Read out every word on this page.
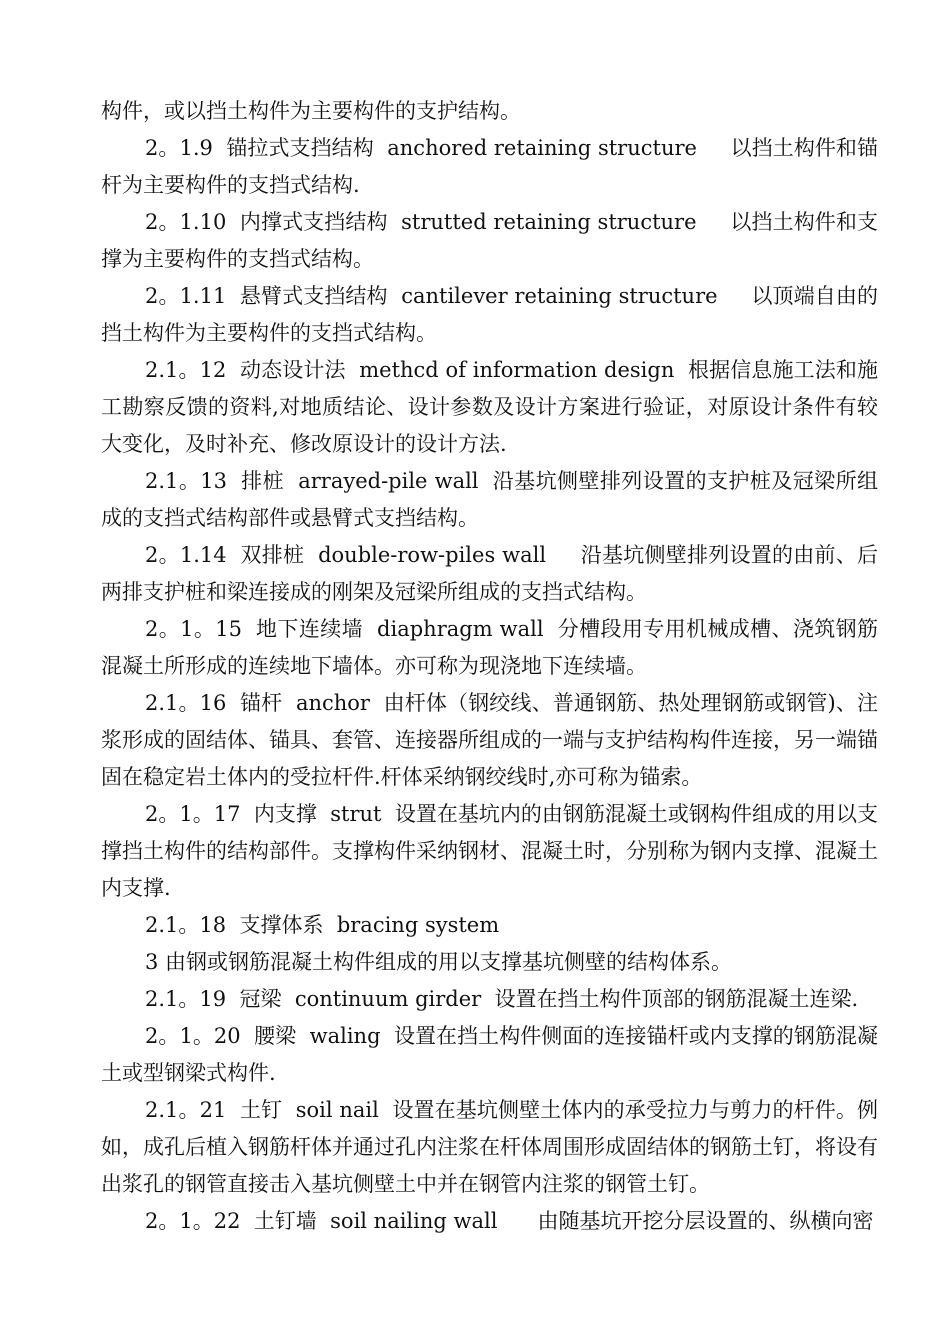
构件，或以挡土构件为主要构件的支护结构。

2。1.9  锚拉式支挡结构  anchored retaining structure     以挡土构件和锚杆为主要构件的支挡式结构.

2。1.10  内撑式支挡结构  strutted retaining structure     以挡土构件和支撑为主要构件的支挡式结构。

2。1.11  悬臂式支挡结构  cantilever retaining structure     以顶端自由的挡土构件为主要构件的支挡式结构。

2.1。12  动态设计法  methcd of information design  根据信息施工法和施工勘察反馈的资料,对地质结论、设计参数及设计方案进行验证，对原设计条件有较大变化，及时补充、修改原设计的设计方法.

2.1。13  排桩  arrayed-pile wall  沿基坑侧壁排列设置的支护桩及冠梁所组成的支挡式结构部件或悬臂式支挡结构。

2。1.14  双排桩  double-row-piles wall     沿基坑侧壁排列设置的由前、后两排支护桩和梁连接成的刚架及冠梁所组成的支挡式结构。

2。1。15  地下连续墙  diaphragm wall  分槽段用专用机械成槽、浇筑钢筋混凝土所形成的连续地下墙体。亦可称为现浇地下连续墙。

2.1。16  锚杆  anchor  由杆体（钢绞线、普通钢筋、热处理钢筋或钢管)、注浆形成的固结体、锚具、套管、连接器所组成的一端与支护结构构件连接，另一端锚固在稳定岩土体内的受拉杆件.杆体采纳钢绞线时,亦可称为锚索。

2。1。17  内支撑  strut  设置在基坑内的由钢筋混凝土或钢构件组成的用以支撑挡土构件的结构部件。支撑构件采纳钢材、混凝土时，分别称为钢内支撑、混凝土内支撑.

2.1。18  支撑体系  bracing system

3 由钢或钢筋混凝土构件组成的用以支撑基坑侧壁的结构体系。

2.1。19  冠梁  continuum girder  设置在挡土构件顶部的钢筋混凝土连梁.

2。1。20  腰梁  waling  设置在挡土构件侧面的连接锚杆或内支撑的钢筋混凝土或型钢梁式构件.

2.1。21  土钉  soil nail  设置在基坑侧壁土体内的承受拉力与剪力的杆件。例如，成孔后植入钢筋杆体并通过孔内注浆在杆体周围形成固结体的钢筋土钉，将设有出浆孔的钢管直接击入基坑侧壁土中并在钢管内注浆的钢管土钉。

2。1。22  土钉墙  soil nailing wall      由随基坑开挖分层设置的、纵横向密
